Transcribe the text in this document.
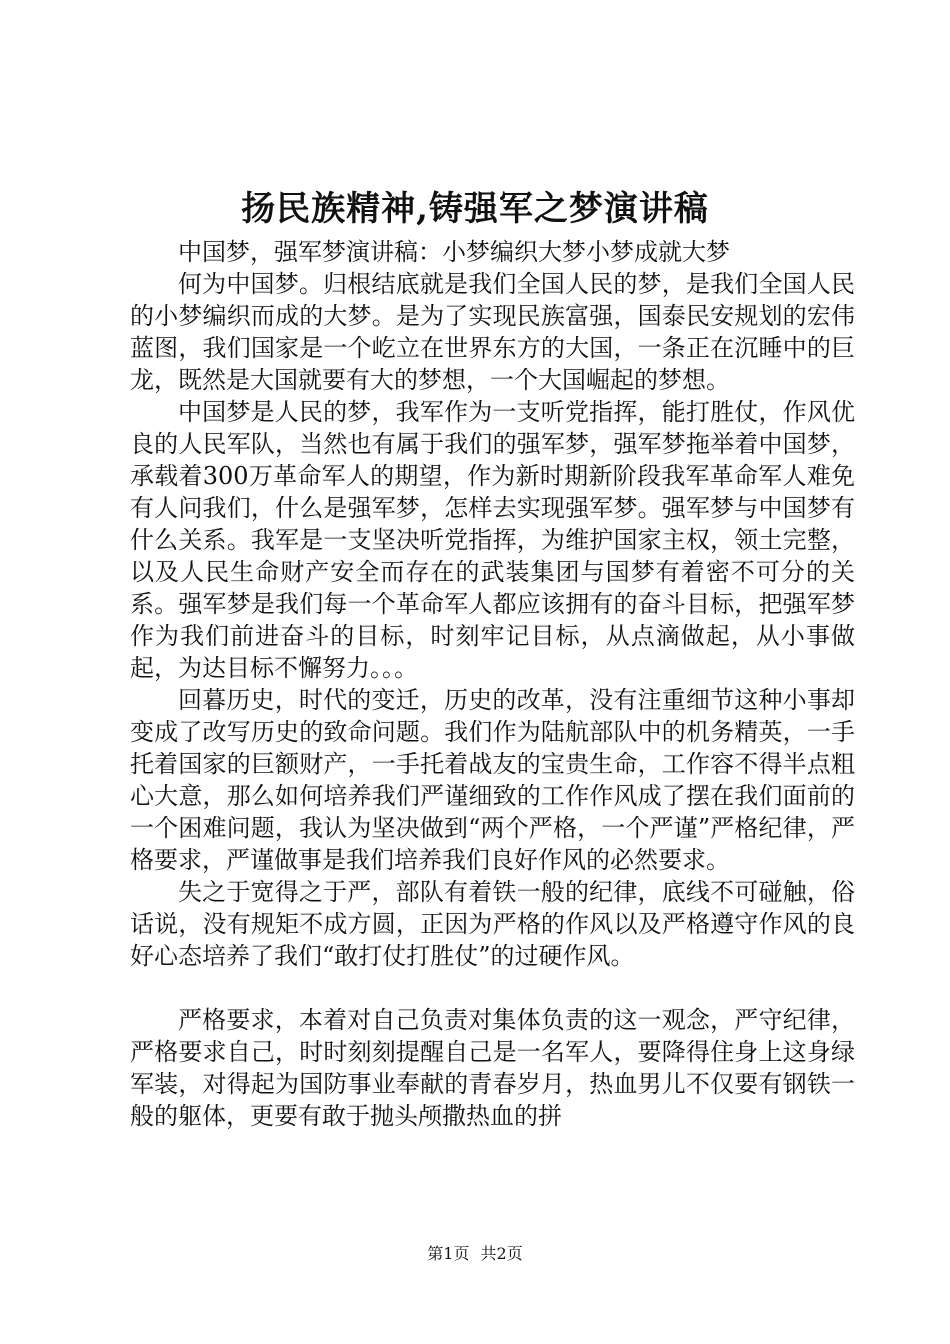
扬民族精神,铸强军之梦演讲稿

中国梦，强军梦演讲稿：小梦编织大梦小梦成就大梦

何为中国梦。归根结底就是我们全国人民的梦，是我们全国人民的小梦编织而成的大梦。是为了实现民族富强，国泰民安规划的宏伟蓝图，我们国家是一个屹立在世界东方的大国，一条正在沉睡中的巨龙，既然是大国就要有大的梦想，一个大国崛起的梦想。

中国梦是人民的梦，我军作为一支听党指挥，能打胜仗，作风优良的人民军队，当然也有属于我们的强军梦，强军梦拖举着中国梦，承载着300万革命军人的期望，作为新时期新阶段我军革命军人难免有人问我们，什么是强军梦，怎样去实现强军梦。强军梦与中国梦有什么关系。我军是一支坚决听党指挥，为维护国家主权，领土完整，以及人民生命财产安全而存在的武装集团与国梦有着密不可分的关系。强军梦是我们每一个革命军人都应该拥有的奋斗目标，把强军梦作为我们前进奋斗的目标，时刻牢记目标，从点滴做起，从小事做起，为达目标不懈努力。。。

回暮历史，时代的变迁，历史的改革，没有注重细节这种小事却变成了改写历史的致命问题。我们作为陆航部队中的机务精英，一手托着国家的巨额财产，一手托着战友的宝贵生命，工作容不得半点粗心大意，那么如何培养我们严谨细致的工作作风成了摆在我们面前的一个困难问题，我认为坚决做到“两个严格，一个严谨”严格纪律，严格要求，严谨做事是我们培养我们良好作风的必然要求。

失之于宽得之于严，部队有着铁一般的纪律，底线不可碰触，俗话说，没有规矩不成方圆，正因为严格的作风以及严格遵守作风的良好心态培养了我们“敢打仗打胜仗”的过硬作风。

严格要求，本着对自己负责对集体负责的这一观念，严守纪律，严格要求自己，时时刻刻提醒自己是一名军人，要降得住身上这身绿军装，对得起为国防事业奉献的青春岁月，热血男儿不仅要有钢铁一般的躯体，更要有敢于抛头颅撒热血的拼

第1页 共2页
